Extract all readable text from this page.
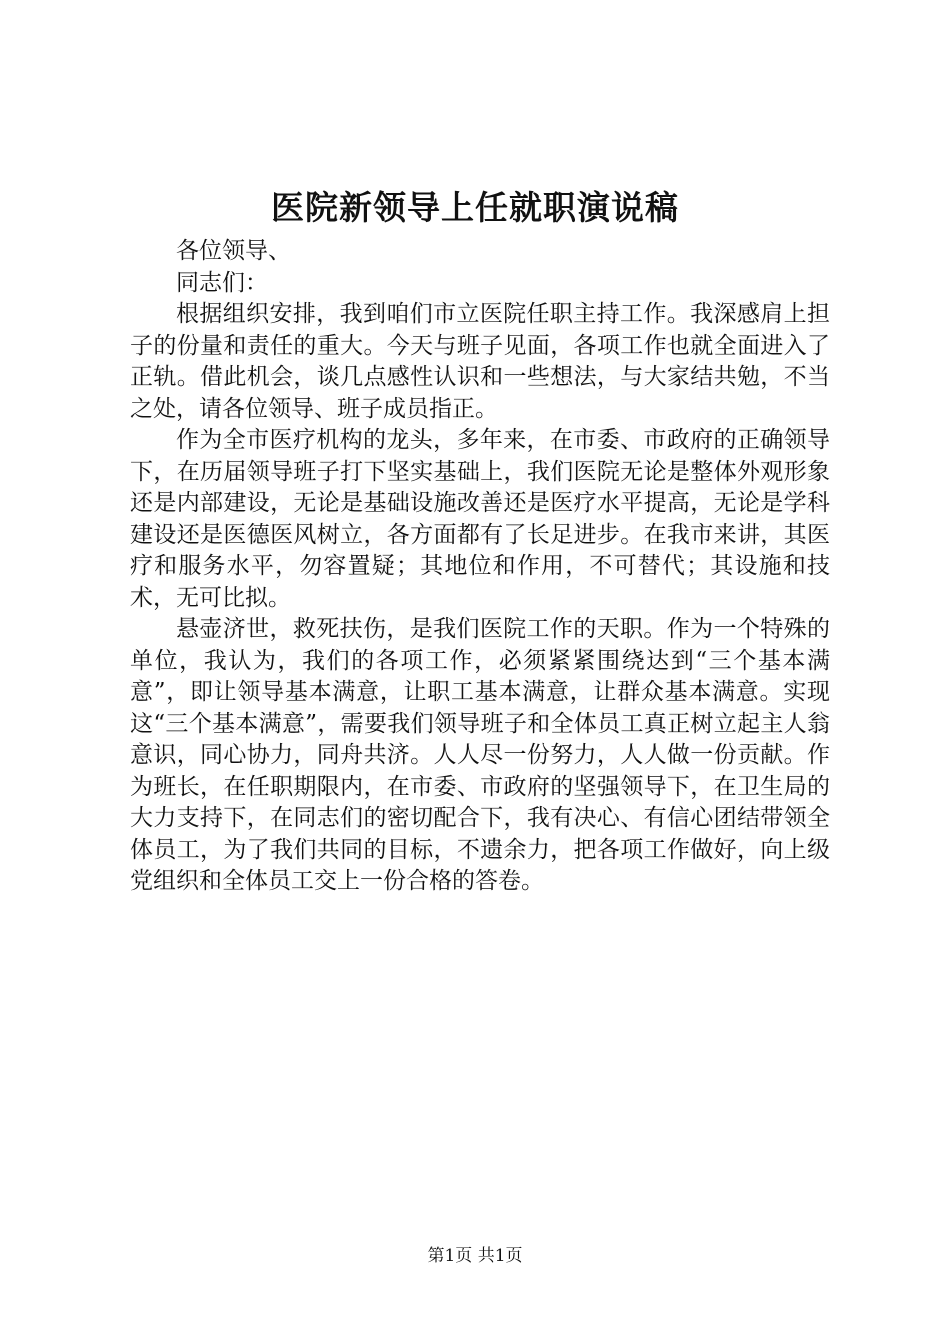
医院新领导上任就职演说稿

各位领导、

同志们：

根据组织安排，我到咱们市立医院任职主持工作。我深感肩上担子的份量和责任的重大。今天与班子见面，各项工作也就全面进入了正轨。借此机会，谈几点感性认识和一些想法，与大家结共勉，不当之处，请各位领导、班子成员指正。

作为全市医疗机构的龙头，多年来，在市委、市政府的正确领导下，在历届领导班子打下坚实基础上，我们医院无论是整体外观形象还是内部建设，无论是基础设施改善还是医疗水平提高，无论是学科建设还是医德医风树立，各方面都有了长足进步。在我市来讲，其医疗和服务水平，勿容置疑；其地位和作用，不可替代；其设施和技术，无可比拟。

悬壶济世，救死扶伤，是我们医院工作的天职。作为一个特殊的单位，我认为，我们的各项工作，必须紧紧围绕达到“三个基本满意”，即让领导基本满意，让职工基本满意，让群众基本满意。实现这“三个基本满意”，需要我们领导班子和全体员工真正树立起主人翁意识，同心协力，同舟共济。人人尽一份努力，人人做一份贡献。作为班长，在任职期限内，在市委、市政府的坚强领导下，在卫生局的大力支持下，在同志们的密切配合下，我有决心、有信心团结带领全体员工，为了我们共同的目标，不遗余力，把各项工作做好，向上级党组织和全体员工交上一份合格的答卷。

第1页 共1页
